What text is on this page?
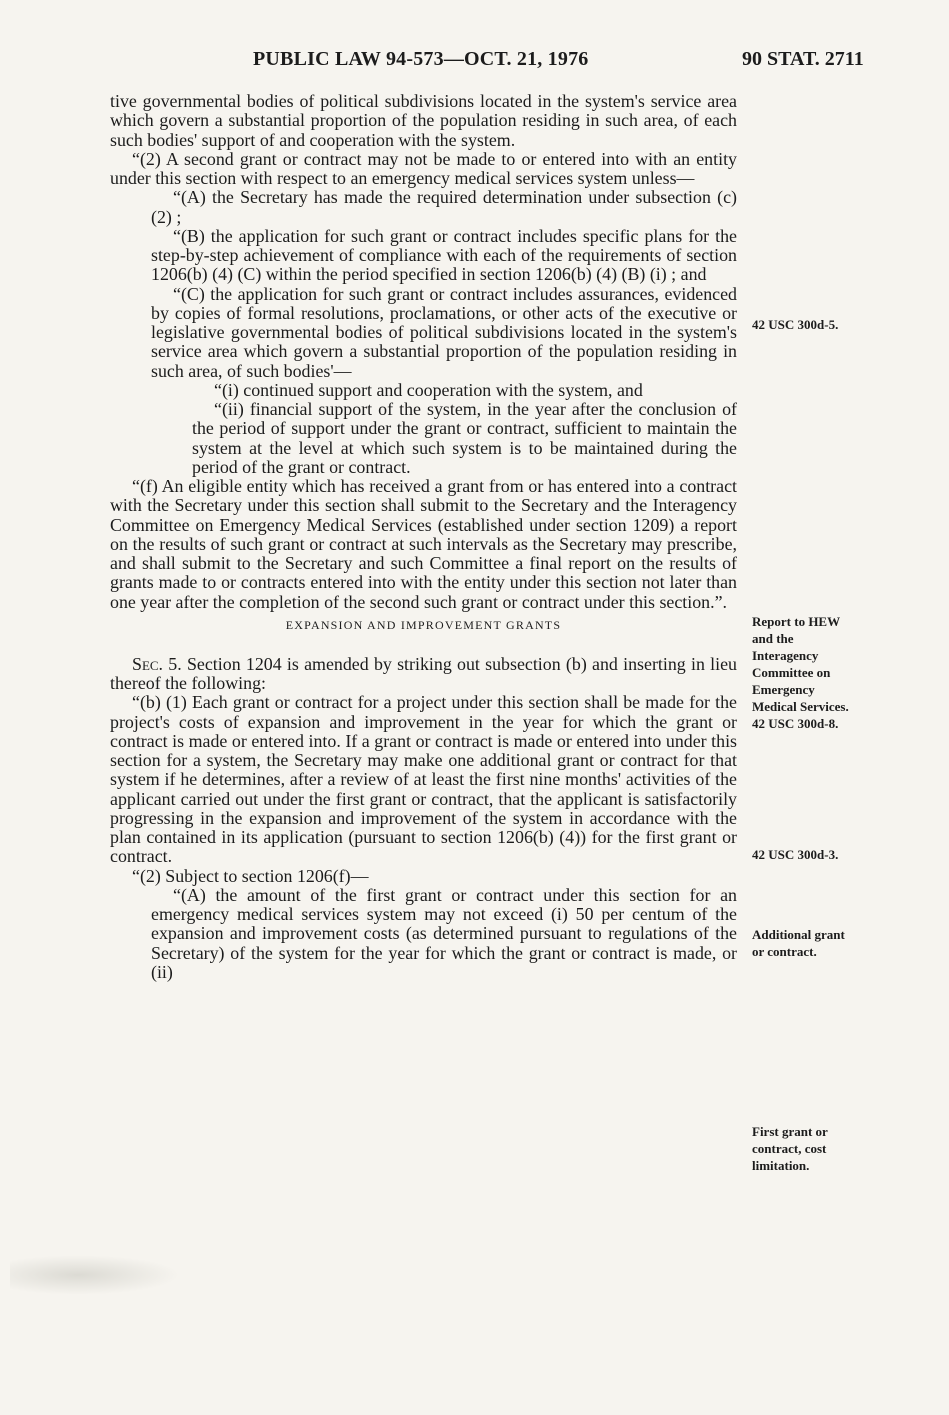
PUBLIC LAW 94-573—OCT. 21, 1976	90 STAT. 2711

tive governmental bodies of political subdivisions located in the system's service area which govern a substantial proportion of the population residing in such area, of each such bodies' support of and cooperation with the system.

“(2) A second grant or contract may not be made to or entered into with an entity under this section with respect to an emergency medical services system unless—

“(A) the Secretary has made the required determination under subsection (c) (2) ;

“(B) the application for such grant or contract includes specific plans for the step-by-step achievement of compliance with each of the requirements of section 1206(b) (4) (C) within the period specified in section 1206(b) (4) (B) (i) ; and

“(C) the application for such grant or contract includes assurances, evidenced by copies of formal resolutions, proclamations, or other acts of the executive or legislative governmental bodies of political subdivisions located in the system's service area which govern a substantial proportion of the population residing in such area, of such bodies'—

“(i) continued support and cooperation with the system, and

“(ii) financial support of the system, in the year after the conclusion of the period of support under the grant or contract, sufficient to maintain the system at the level at which such system is to be maintained during the period of the grant or contract.

“(f) An eligible entity which has received a grant from or has entered into a contract with the Secretary under this section shall submit to the Secretary and the Interagency Committee on Emergency Medical Services (established under section 1209) a report on the results of such grant or contract at such intervals as the Secretary may prescribe, and shall submit to the Secretary and such Committee a final report on the results of grants made to or contracts entered into with the entity under this section not later than one year after the completion of the second such grant or contract under this section.”.

EXPANSION AND IMPROVEMENT GRANTS

Sec. 5. Section 1204 is amended by striking out subsection (b) and inserting in lieu thereof the following:

“(b) (1) Each grant or contract for a project under this section shall be made for the project's costs of expansion and improvement in the year for which the grant or contract is made or entered into. If a grant or contract is made or entered into under this section for a system, the Secretary may make one additional grant or contract for that system if he determines, after a review of at least the first nine months' activities of the applicant carried out under the first grant or contract, that the applicant is satisfactorily progressing in the expansion and improvement of the system in accordance with the plan contained in its application (pursuant to section 1206(b) (4)) for the first grant or contract.

“(2) Subject to section 1206(f)—

“(A) the amount of the first grant or contract under this section for an emergency medical services system may not exceed (i) 50 per centum of the expansion and improvement costs (as determined pursuant to regulations of the Secretary) of the system for the year for which the grant or contract is made, or (ii)

42 USC 300d-5.
Report to HEW
and the
Interagency
Committee on
Emergency
Medical Services.
42 USC 300d-8.
42 USC 300d-3.
Additional grant
or contract.
First grant or
contract, cost
limitation.
